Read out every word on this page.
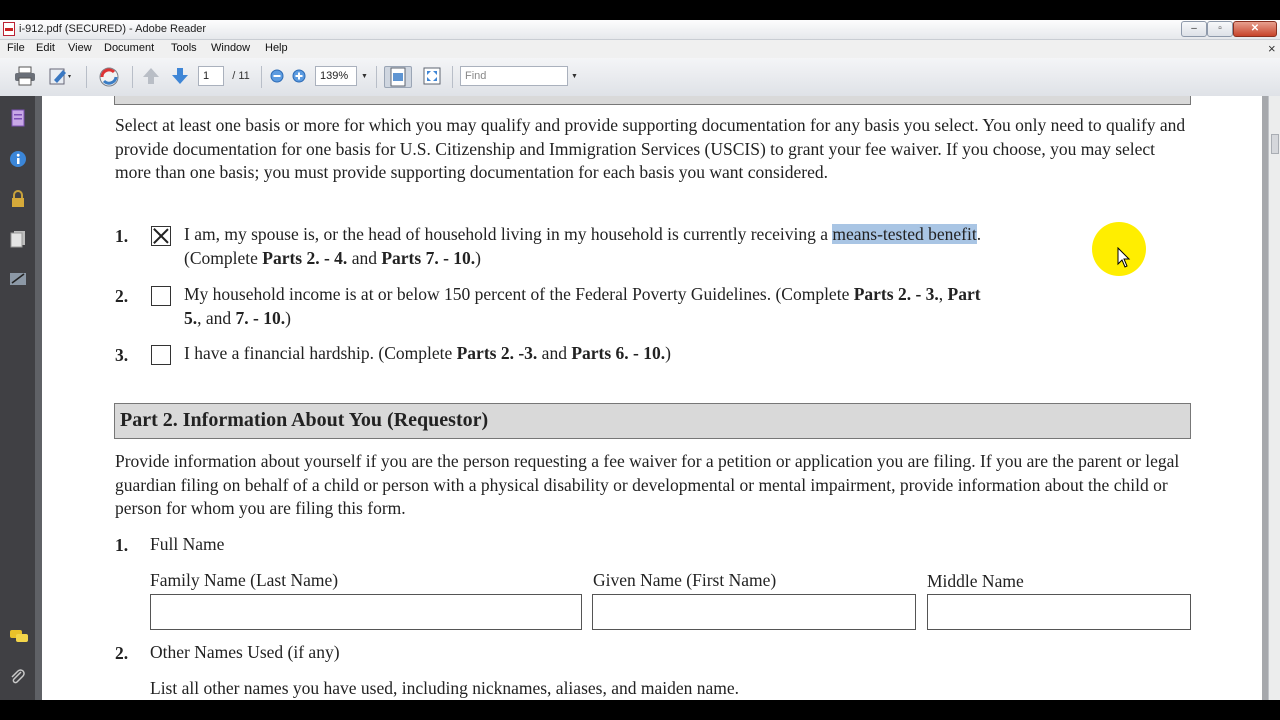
i-912.pdf (SECURED) - Adobe Reader	‒	▫	✕
File Edit View Document Tools Window Help	×
1	/ 11	139%	▼	Find	▼
Select at least one basis or more for which you may qualify and provide supporting documentation for any basis you select. You only need to qualify and provide documentation for one basis for U.S. Citizenship and Immigration Services (USCIS) to grant your fee waiver. If you choose, you may select more than one basis; you must provide supporting documentation for each basis you want considered.
1.	I am, my spouse is, or the head of household living in my household is currently receiving a means-tested benefit.
(Complete Parts 2. - 4. and Parts 7. - 10.)
2.	My household income is at or below 150 percent of the Federal Poverty Guidelines. (Complete Parts 2. - 3., Part
5., and 7. - 10.)
3.	I have a financial hardship. (Complete Parts 2. -3. and Parts 6. - 10.)
Part 2. Information About You (Requestor)
Provide information about yourself if you are the person requesting a fee waiver for a petition or application you are filing. If you are the parent or legal guardian filing on behalf of a child or person with a physical disability or developmental or mental impairment, provide information about the child or person for whom you are filing this form.
1. Full Name
Family Name (Last Name)	Given Name (First Name)	Middle Name
2. Other Names Used (if any)
List all other names you have used, including nicknames, aliases, and maiden name.
